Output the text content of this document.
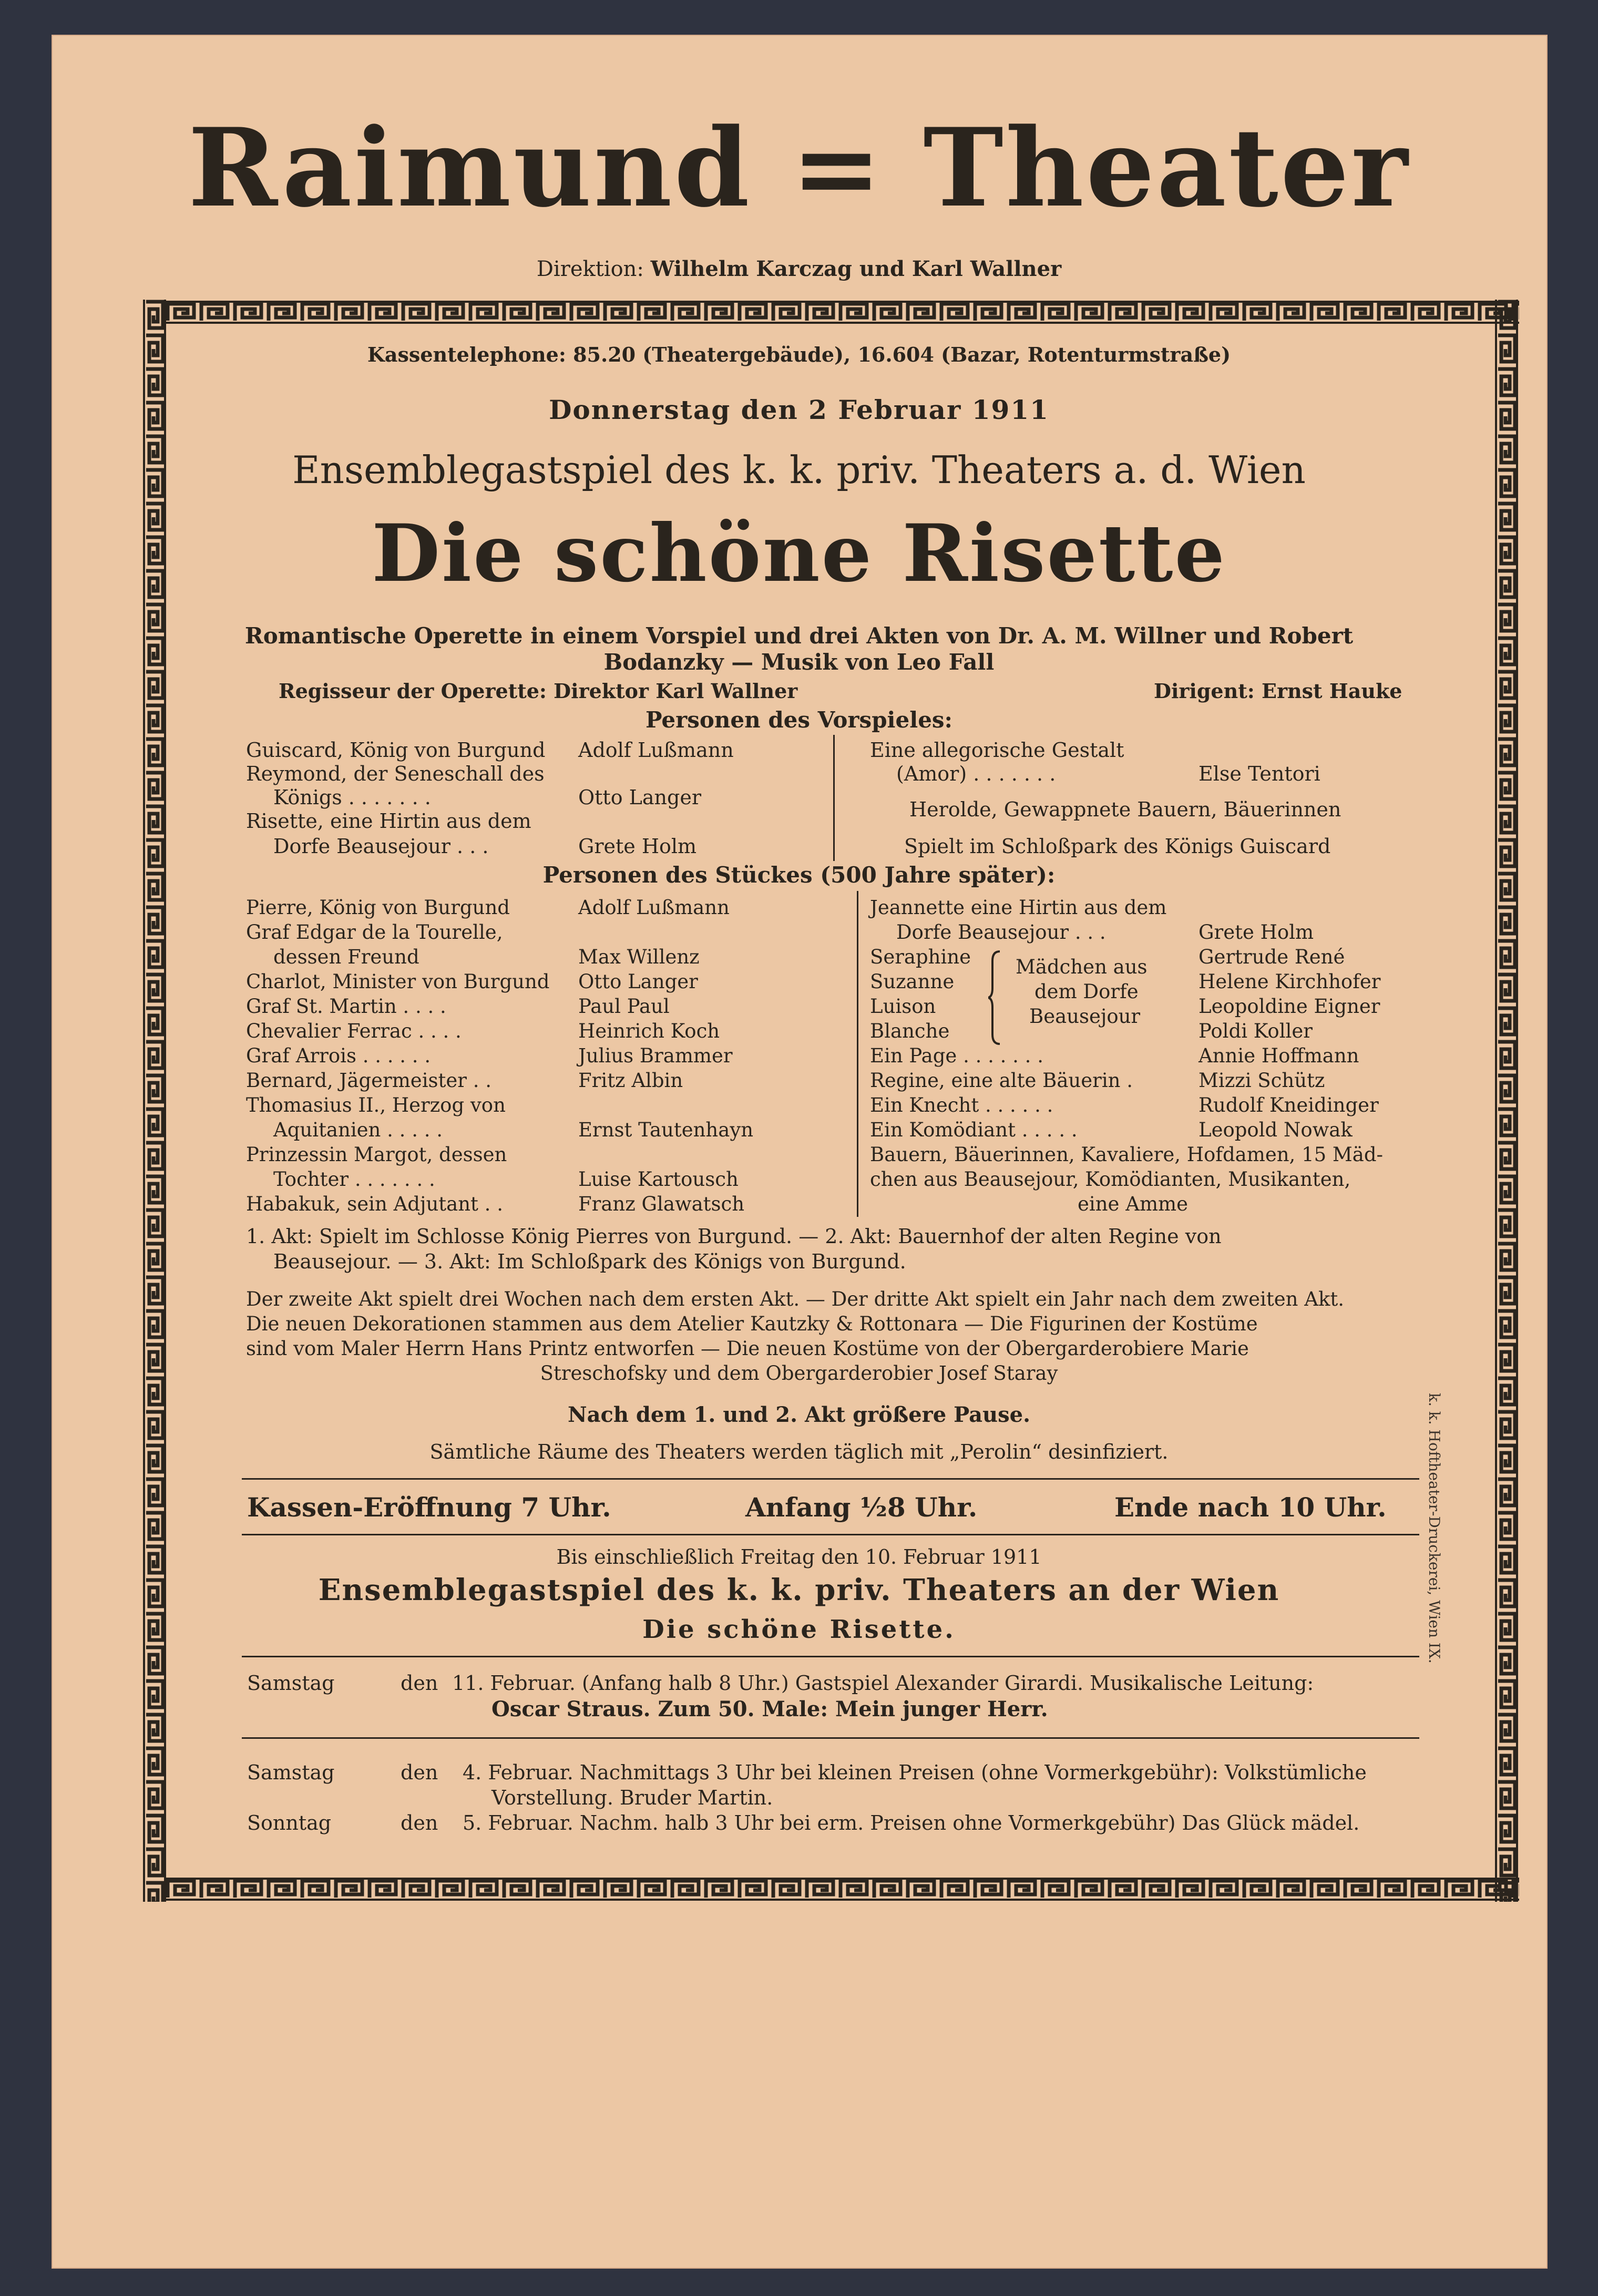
Raimund = Theater
Direktion: Wilhelm Karczag und Karl Wallner
Kassentelephone: 85.20 (Theatergebäude), 16.604 (Bazar, Rotenturmstraße)
Donnerstag den 2 Februar 1911
Ensemblegastspiel des k. k. priv. Theaters a. d. Wien
Die schöne Risette
Romantische Operette in einem Vorspiel und drei Akten von Dr. A. M. Willner und Robert
Bodanzky — Musik von Leo Fall
Regisseur der Operette: Direktor Karl Wallner	Dirigent: Ernst Hauke
Personen des Vorspieles:
Guiscard, König von Burgund Adolf Lußmann
Reymond, der Seneschall des
Königs . . . . . . .	Otto Langer
Risette, eine Hirtin aus dem
Dorfe Beausejour . . .	Grete Holm
Eine allegorische Gestalt
(Amor) . . . . . . .	Else Tentori
Herolde, Gewappnete Bauern, Bäuerinnen
Spielt im Schloßpark des Königs Guiscard
Personen des Stückes (500 Jahre später):
Pierre, König von Burgund	Adolf Lußmann
Graf Edgar de la Tourelle,
dessen Freund	Max Willenz
Charlot, Minister von Burgund Otto Langer
Graf St. Martin . . . .	Paul Paul
Chevalier Ferrac . . . .	Heinrich Koch
Graf Arrois . . . . . .	Julius Brammer
Bernard, Jägermeister . .	Fritz Albin
Thomasius II., Herzog von
Aquitanien . . . . .	Ernst Tautenhayn
Prinzessin Margot, dessen
Tochter . . . . . . .	Luise Kartousch
Habakuk, sein Adjutant . .	Franz Glawatsch
Jeannette eine Hirtin aus dem
Dorfe Beausejour . . .	Grete Holm
Seraphine	Gertrude René
Suzanne	Helene Kirchhofer
Luison	Leopoldine Eigner
Blanche	Poldi Koller
Ein Page . . . . . . .	Annie Hoffmann
Regine, eine alte Bäuerin .	Mizzi Schütz
Ein Knecht . . . . . .	Rudolf Kneidinger
Ein Komödiant . . . . .	Leopold Nowak
Mädchen aus
dem Dorfe
Beausejour
Bauern, Bäuerinnen, Kavaliere, Hofdamen, 15 Mäd-
chen aus Beausejour, Komödianten, Musikanten,
eine Amme
1. Akt: Spielt im Schlosse König Pierres von Burgund. — 2. Akt: Bauernhof der alten Regine von
Beausejour. — 3. Akt: Im Schloßpark des Königs von Burgund.
Der zweite Akt spielt drei Wochen nach dem ersten Akt. — Der dritte Akt spielt ein Jahr nach dem zweiten Akt.
Die neuen Dekorationen stammen aus dem Atelier Kautzky & Rottonara — Die Figurinen der Kostüme
sind vom Maler Herrn Hans Printz entworfen — Die neuen Kostüme von der Obergarderobiere Marie
Streschofsky und dem Obergarderobier Josef Staray
Nach dem 1. und 2. Akt größere Pause.
Sämtliche Räume des Theaters werden täglich mit „Perolin“ desinfiziert.
Kassen-Eröffnung 7 Uhr.	Anfang ½8 Uhr.	Ende nach 10 Uhr.
Bis einschließlich Freitag den 10. Februar 1911
Ensemblegastspiel des k. k. priv. Theaters an der Wien
Die schöne Risette.
Samstag	den 11. Februar. (Anfang halb 8 Uhr.) Gastspiel Alexander Girardi. Musikalische Leitung:
Oscar Straus. Zum 50. Male: Mein junger Herr.
Samstag	den 4. Februar. Nachmittags 3 Uhr bei kleinen Preisen (ohne Vormerkgebühr): Volkstümliche
Vorstellung. Bruder Martin.
Sonntag	den 5. Februar. Nachm. halb 3 Uhr bei erm. Preisen ohne Vormerkgebühr) Das Glück mädel.
k. k. Hoftheater-Druckerei, Wien IX.
